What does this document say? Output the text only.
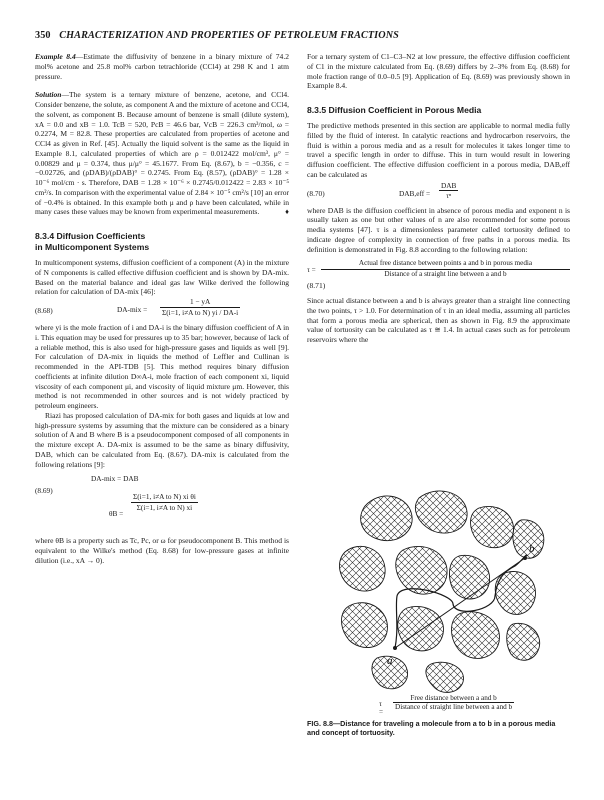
350 CHARACTERIZATION AND PROPERTIES OF PETROLEUM FRACTIONS

Example 8.4—Estimate the diffusivity of benzene in a binary mixture of 74.2 mol% acetone and 25.8 mol% carbon tetrachloride (CCl4) at 298 K and 1 atm pressure.

Solution—The system is a ternary mixture of benzene, acetone, and CCl4. Consider benzene, the solute, as component A and the mixture of acetone and CCl4, the solvent, as component B. Because amount of benzene is small (dilute system), xA = 0.0 and xB = 1.0. TcB = 520, PcB = 46.6 bar, VcB = 226.3 cm³/mol, ω = 0.2274, M = 82.8. These properties are calculated from properties of acetone and CCl4 as given in Ref. [45]. Actually the liquid solvent is the same as the liquid in Example 8.1, calculated properties of which are ρ = 0.012422 mol/cm³, μ° = 0.00829 and μ = 0.374, thus μ/μ° = 45.1677. From Eq. (8.67), b = −0.356, c = −0.02726, and (ρDAB)/(ρDAB)° = 0.2745. From Eq. (8.57), (ρDAB)° = 1.28 × 10⁻⁶ mol/cm · s. Therefore, DAB = 1.28 × 10⁻⁶ × 0.2745/0.012422 = 2.83 × 10⁻⁵ cm²/s. In comparison with the experimental value of 2.84 × 10⁻⁵ cm²/s [10] an error of −0.4% is obtained. In this example both μ and ρ have been calculated, while in many cases these values may be known from experimental measurements.	♦

8.3.4 Diffusion Coefficients
in Multicomponent Systems

In multicomponent systems, diffusion coefficient of a component (A) in the mixture of N components is called effective diffusion coefficient and is shown by DA-mix. Based on the material balance and ideal gas law Wilke derived the following relation for calculation of DA-mix [46]:

(8.68)	$DA-mix = \frac{1 - yA}{\text{Σ(i=1, i≠A to N) yi / DA-i}}$

where yi is the mole fraction of i and DA-i is the binary diffusion coefficient of A in i. This equation may be used for pressures up to 35 bar; however, because of lack of a reliable method, this is also used for high-pressure gases and liquids as well [9]. For calculation of DA-mix in liquids the method of Leffler and Cullinan is recommended in the API-TDB [5]. This method requires binary diffusion coefficients at infinite dilution D∞A-i, mole fraction of each component xi, liquid viscosity of each component μi, and viscosity of liquid mixture μm. However, this method is not recommended in other sources and is not widely practiced by petroleum engineers.

Riazi has proposed calculation of DA-mix for both gases and liquids at low and high-pressure systems by assuming that the mixture can be considered as a binary solution of A and B where B is a pseudocomponent composed of all components in the mixture except A. DA-mix is assumed to be the same as binary diffusivity, DAB, which can be calculated from Eq. (8.67). DA-mix is calculated from the following relations [9]:

(8.69)
DA-mix = DAB
θB =
$\frac{\text{Σ(i=1, i≠A to N) xi θi}}{\text{Σ(i=1, i≠A to N) xi}}$

where θB is a property such as Tc, Pc, or ω for pseudocomponent B. This method is equivalent to the Wilke's method (Eq. 8.68) for low-pressure gases at infinite dilution (i.e., xA → 0).

For a ternary system of C1–C3–N2 at low pressure, the effective diffusion coefficient of C1 in the mixture calculated from Eq. (8.69) differs by 2–3% from Eq. (8.68) for mole fraction range of 0.0–0.5 [9]. Application of Eq. (8.69) was previously shown in Example 8.4.

8.3.5 Diffusion Coefficient in Porous Media

The predictive methods presented in this section are applicable to normal media fully filled by the fluid of interest. In catalytic reactions and hydrocarbon reservoirs, the fluid is within a porous media and as a result for molecules it takes longer time to travel a specific length in order to diffuse. This in turn would result in lowering diffusion coefficient. The effective diffusion coefficient in a porous media, DAB,eff can be calculated as

(8.70)	$DAB,eff = \frac{\text{DAB}}{\text{τⁿ}}$

where DAB is the diffusion coefficient in absence of porous media and exponent n is usually taken as one but other values of n are also recommended for some porous media systems [47]. τ is a dimensionless parameter called tortuosity defined to indicate degree of complexity in connection of free paths in a porous media. Its definition is demonstrated in Fig. 8.8 according to the following relation:

$\tau = \frac{\text{Actual free distance between points a and b in porous media}}{\text{Distance of a straight line between a and b}}$

(8.71)

Since actual distance between a and b is always greater than a straight line connecting the two points, τ > 1.0. For determination of τ in an ideal media, assuming all particles that form a porous media are spherical, then as shown in Fig. 8.9 the approximate value of tortuosity can be calculated as τ ≅ 1.4. In actual cases such as for petroleum reservoirs where the

a
b
τ =
$\frac{\text{Free distance between a and b}}{\text{Distance of straight line between a and b}}$
FIG. 8.8—Distance for traveling a molecule from a to b in a porous media and concept of tortuosity.
